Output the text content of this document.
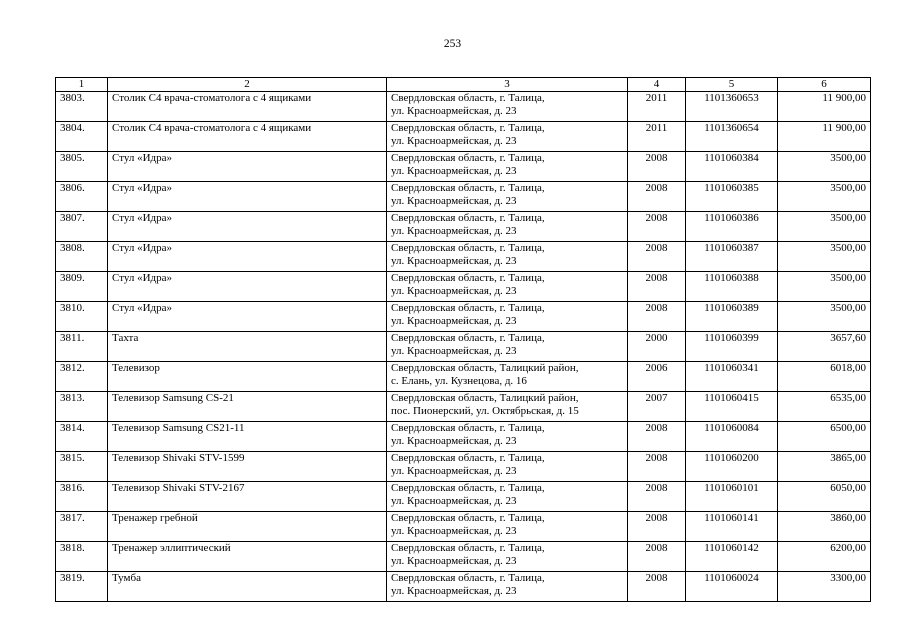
253
1	2	3	4	5	6
3803.	Столик С4 врача-стоматолога с 4 ящиками	Свердловская область, г. Талица,
ул. Красноармейская, д. 23	2011	1101360653	11 900,00
3804.	Столик С4 врача-стоматолога с 4 ящиками	Свердловская область, г. Талица,
ул. Красноармейская, д. 23	2011	1101360654	11 900,00
3805.	Стул «Идра»	Свердловская область, г. Талица,
ул. Красноармейская, д. 23	2008	1101060384	3500,00
3806.	Стул «Идра»	Свердловская область, г. Талица,
ул. Красноармейская, д. 23	2008	1101060385	3500,00
3807.	Стул «Идра»	Свердловская область, г. Талица,
ул. Красноармейская, д. 23	2008	1101060386	3500,00
3808.	Стул «Идра»	Свердловская область, г. Талица,
ул. Красноармейская, д. 23	2008	1101060387	3500,00
3809.	Стул «Идра»	Свердловская область, г. Талица,
ул. Красноармейская, д. 23	2008	1101060388	3500,00
3810.	Стул «Идра»	Свердловская область, г. Талица,
ул. Красноармейская, д. 23	2008	1101060389	3500,00
3811.	Тахта	Свердловская область, г. Талица,
ул. Красноармейская, д. 23	2000	1101060399	3657,60
3812.	Телевизор	Свердловская область, Талицкий район,
с. Елань, ул. Кузнецова, д. 16	2006	1101060341	6018,00
3813.	Телевизор Samsung CS-21	Свердловская область, Талицкий район,
пос. Пионерский, ул. Октябрьская, д. 15	2007	1101060415	6535,00
3814.	Телевизор Samsung CS21-11	Свердловская область, г. Талица,
ул. Красноармейская, д. 23	2008	1101060084	6500,00
3815.	Телевизор Shivaki STV-1599	Свердловская область, г. Талица,
ул. Красноармейская, д. 23	2008	1101060200	3865,00
3816.	Телевизор Shivaki STV-2167	Свердловская область, г. Талица,
ул. Красноармейская, д. 23	2008	1101060101	6050,00
3817.	Тренажер гребной	Свердловская область, г. Талица,
ул. Красноармейская, д. 23	2008	1101060141	3860,00
3818.	Тренажер эллиптический	Свердловская область, г. Талица,
ул. Красноармейская, д. 23	2008	1101060142	6200,00
3819.	Тумба	Свердловская область, г. Талица,
ул. Красноармейская, д. 23	2008	1101060024	3300,00
